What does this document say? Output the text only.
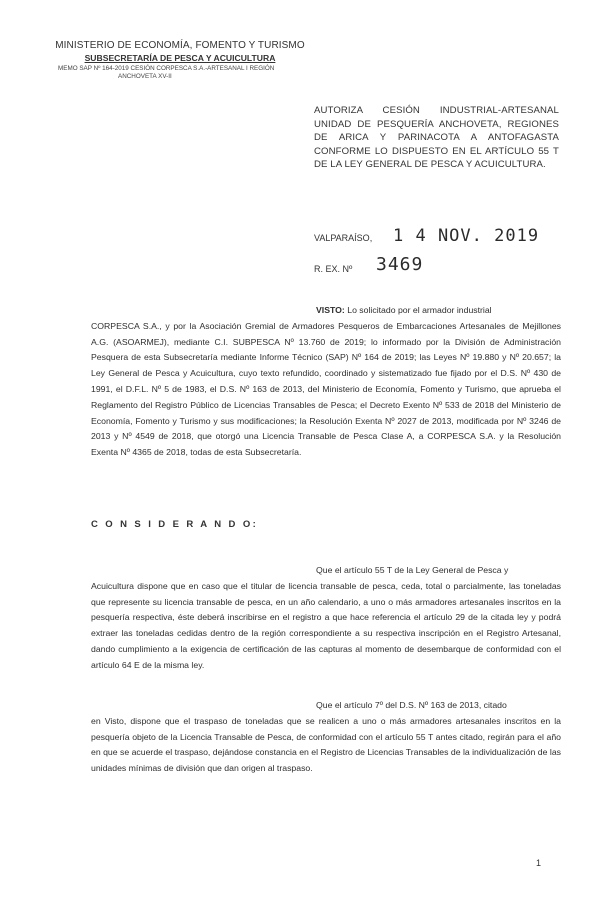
MINISTERIO DE ECONOMÍA, FOMENTO Y TURISMO
SUBSECRETARÍA DE PESCA Y ACUICULTURA
MEMO SAP Nº 164-2019 CESIÓN CORPESCA S.A.-ARTESANAL I REGIÓN
ANCHOVETA XV-II
AUTORIZA CESIÓN INDUSTRIAL-ARTESANAL UNIDAD DE PESQUERÍA ANCHOVETA, REGIONES DE ARICA Y PARINACOTA A ANTOFAGASTA CONFORME LO DISPUESTO EN EL ARTÍCULO 55 T DE LA LEY GENERAL DE PESCA Y ACUICULTURA.
VALPARAÍSO, 1 4 NOV. 2019
R. EX. Nº 3469
VISTO: Lo solicitado por el armador industrial
CORPESCA S.A., y por la Asociación Gremial de Armadores Pesqueros de Embarcaciones Artesanales de Mejillones A.G. (ASOARMEJ), mediante C.I. SUBPESCA Nº 13.760 de 2019; lo informado por la División de Administración Pesquera de esta Subsecretaría mediante Informe Técnico (SAP) Nº 164 de 2019; las Leyes Nº 19.880 y Nº 20.657; la Ley General de Pesca y Acuicultura, cuyo texto refundido, coordinado y sistematizado fue fijado por el D.S. Nº 430 de 1991, el D.F.L. Nº 5 de 1983, el D.S. Nº 163 de 2013, del Ministerio de Economía, Fomento y Turismo, que aprueba el Reglamento del Registro Público de Licencias Transables de Pesca; el Decreto Exento Nº 533 de 2018 del Ministerio de Economía, Fomento y Turismo y sus modificaciones; la Resolución Exenta Nº 2027 de 2013, modificada por Nº 3246 de 2013 y Nº 4549 de 2018, que otorgó una Licencia Transable de Pesca Clase A, a CORPESCA S.A. y la Resolución Exenta Nº 4365 de 2018, todas de esta Subsecretaría.
C O N S I D E R A N D O:
Que el artículo 55 T de la Ley General de Pesca y
Acuicultura dispone que en caso que el titular de licencia transable de pesca, ceda, total o parcialmente, las toneladas que represente su licencia transable de pesca, en un año calendario, a uno o más armadores artesanales inscritos en la pesquería respectiva, éste deberá inscribirse en el registro a que hace referencia el artículo 29 de la citada ley y podrá extraer las toneladas cedidas dentro de la región correspondiente a su respectiva inscripción en el Registro Artesanal, dando cumplimiento a la exigencia de certificación de las capturas al momento de desembarque de conformidad con el artículo 64 E de la misma ley.
Que el artículo 7º del D.S. Nº 163 de 2013, citado
en Visto, dispone que el traspaso de toneladas que se realicen a uno o más armadores artesanales inscritos en la pesquería objeto de la Licencia Transable de Pesca, de conformidad con el artículo 55 T antes citado, regirán para el año en que se acuerde el traspaso, dejándose constancia en el Registro de Licencias Transables de la individualización de las unidades mínimas de división que dan origen al traspaso.
1
